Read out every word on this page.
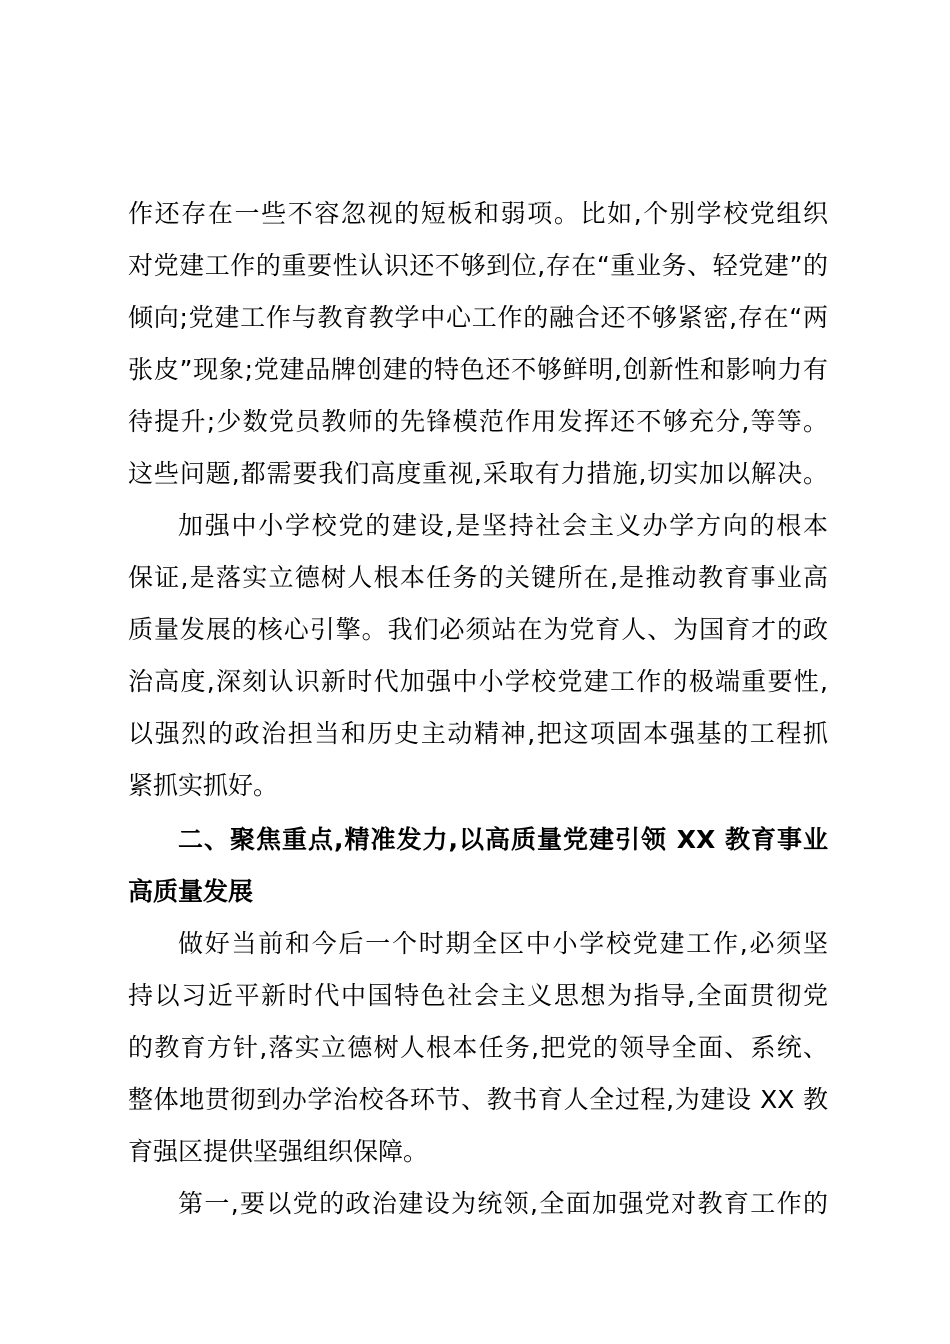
作还存在一些不容忽视的短板和弱项。比如,个别学校党组织
对党建工作的重要性认识还不够到位,存在“重业务、轻党建”的
倾向;党建工作与教育教学中心工作的融合还不够紧密,存在“两
张皮”现象;党建品牌创建的特色还不够鲜明,创新性和影响力有
待提升;少数党员教师的先锋模范作用发挥还不够充分,等等。
这些问题,都需要我们高度重视,采取有力措施,切实加以解决。
加强中小学校党的建设,是坚持社会主义办学方向的根本
保证,是落实立德树人根本任务的关键所在,是推动教育事业高
质量发展的核心引擎。我们必须站在为党育人、为国育才的政
治高度,深刻认识新时代加强中小学校党建工作的极端重要性,
以强烈的政治担当和历史主动精神,把这项固本强基的工程抓
紧抓实抓好。
二、聚焦重点,精准发力,以高质量党建引领 XX 教育事业
高质量发展
做好当前和今后一个时期全区中小学校党建工作,必须坚
持以习近平新时代中国特色社会主义思想为指导,全面贯彻党
的教育方针,落实立德树人根本任务,把党的领导全面、系统、
整体地贯彻到办学治校各环节、教书育人全过程,为建设 XX 教
育强区提供坚强组织保障。
第一,要以党的政治建设为统领,全面加强党对教育工作的
